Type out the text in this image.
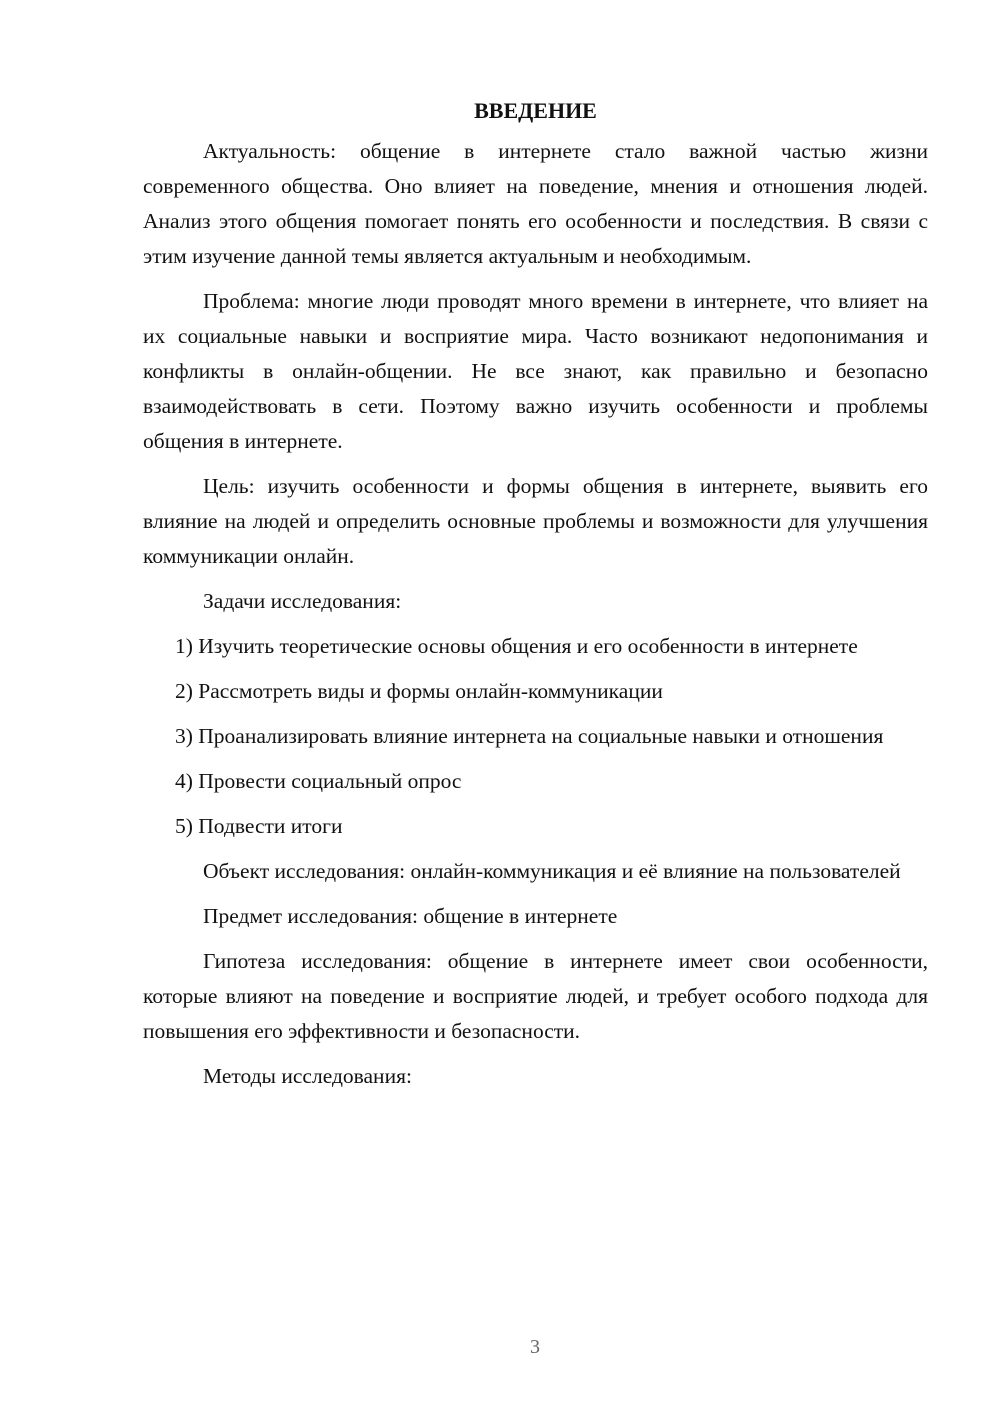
ВВЕДЕНИЕ

Актуальность: общение в интернете стало важной частью жизни современного общества. Оно влияет на поведение, мнения и отношения людей. Анализ этого общения помогает понять его особенности и последствия. В связи с этим изучение данной темы является актуальным и необходимым.

Проблема: многие люди проводят много времени в интернете, что влияет на их социальные навыки и восприятие мира. Часто возникают недопонимания и конфликты в онлайн-общении. Не все знают, как правильно и безопасно взаимодействовать в сети. Поэтому важно изучить особенности и проблемы общения в интернете.

Цель: изучить особенности и формы общения в интернете, выявить его влияние на людей и определить основные проблемы и возможности для улучшения коммуникации онлайн.

Задачи исследования:

1) Изучить теоретические основы общения и его особенности в интернете

2) Рассмотреть виды и формы онлайн-коммуникации

3) Проанализировать влияние интернета на социальные навыки и отношения

4) Провести социальный опрос

5) Подвести итоги

Объект исследования: онлайн-коммуникация и её влияние на пользователей

Предмет исследования: общение в интернете

Гипотеза исследования: общение в интернете имеет свои особенности, которые влияют на поведение и восприятие людей, и требует особого подхода для повышения его эффективности и безопасности.

Методы исследования:

3
